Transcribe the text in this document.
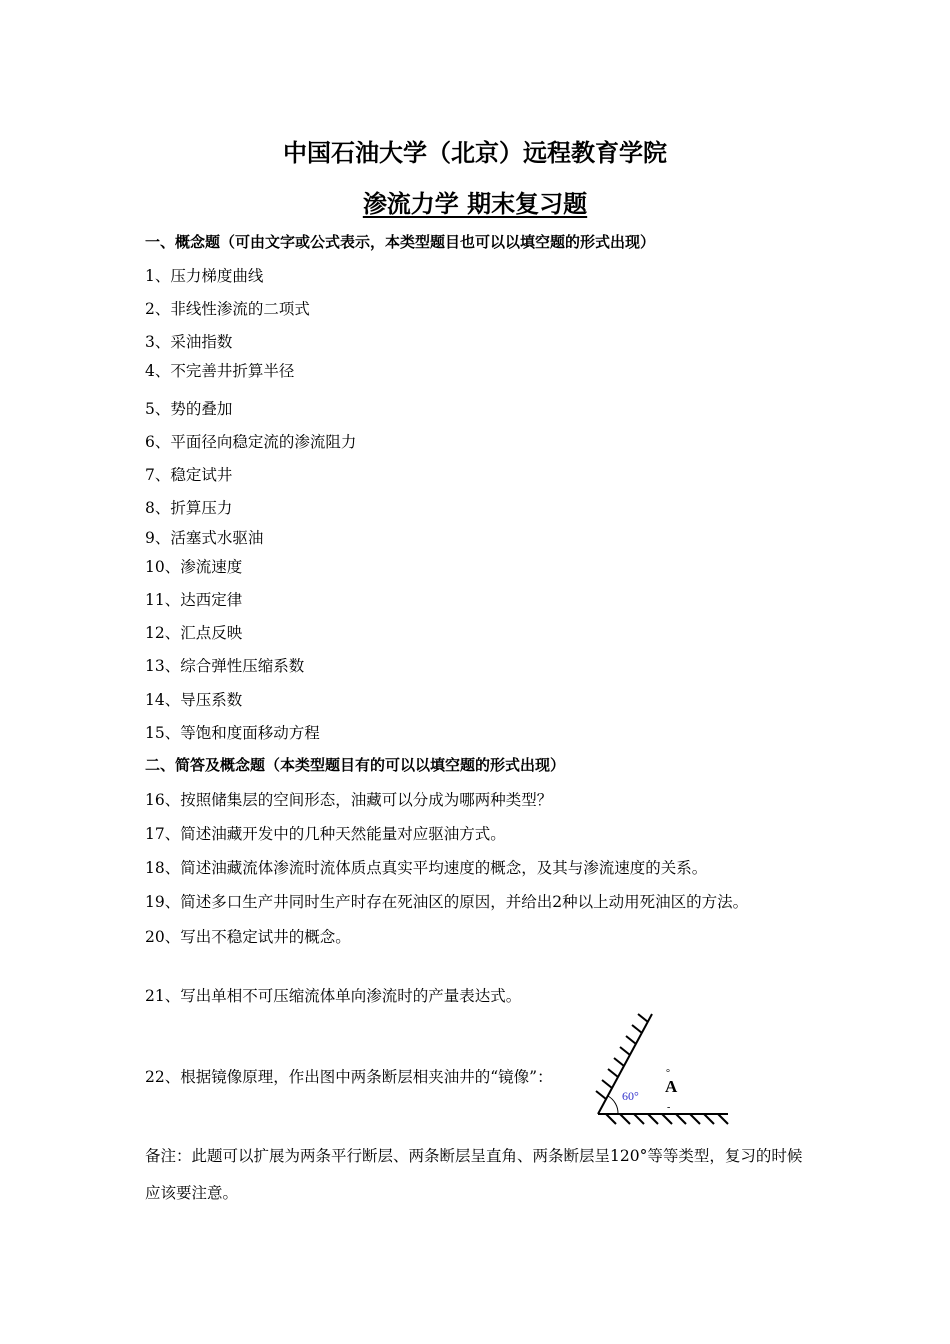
中国石油大学（北京）远程教育学院
渗流力学 期末复习题
一、概念题（可由文字或公式表示，本类型题目也可以以填空题的形式出现）
1、压力梯度曲线
2、非线性渗流的二项式
3、采油指数
4、不完善井折算半径
5、势的叠加
6、平面径向稳定流的渗流阻力
7、稳定试井
8、折算压力
9、活塞式水驱油
10、渗流速度
11、达西定律
12、汇点反映
13、综合弹性压缩系数
14、导压系数
15、等饱和度面移动方程
二、简答及概念题（本类型题目有的可以以填空题的形式出现）
16、按照储集层的空间形态，油藏可以分成为哪两种类型？
17、简述油藏开发中的几种天然能量对应驱油方式。
18、简述油藏流体渗流时流体质点真实平均速度的概念，及其与渗流速度的关系。
19、简述多口生产井同时生产时存在死油区的原因，并给出2种以上动用死油区的方法。
20、写出不稳定试井的概念。
21、写出单相不可压缩流体单向渗流时的产量表达式。
22、根据镜像原理，作出图中两条断层相夹油井的“镜像”：
60°
°
A
-
备注：此题可以扩展为两条平行断层、两条断层呈直角、两条断层呈120°等等类型，复习的时候应该要注意。
